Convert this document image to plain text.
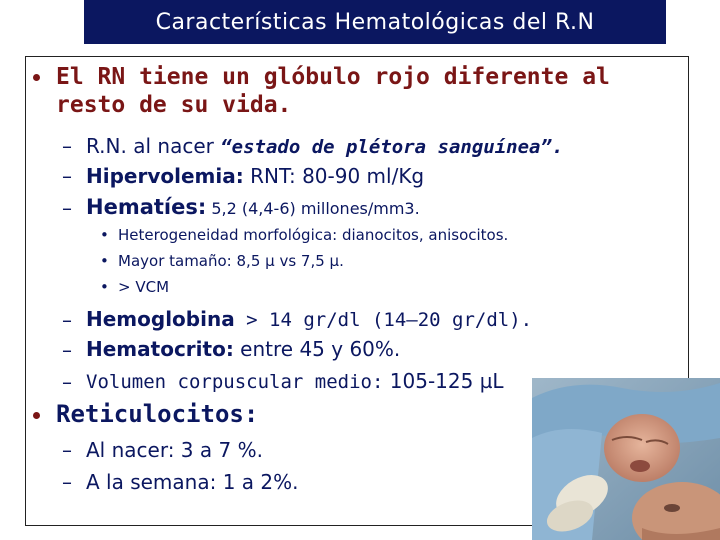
Características Hematológicas del R.N
El RN tiene un glóbulo rojo diferente al
resto de su vida.
– R.N. al nacer “estado de plétora sanguínea”.
– Hipervolemia: RNT: 80-90 ml/Kg
– Hematíes: 5,2 (4,4-6) millones/mm3.
• Heterogeneidad morfológica: dianocitos, anisocitos.
• Mayor tamaño: 8,5 µ vs 7,5 µ.
• > VCM
– Hemoglobina > 14 gr/dl (14–20 gr/dl).
– Hematocrito: entre 45 y 60%.
– Volumen corpuscular medio: 105-125 µL
Reticulocitos:
– Al nacer: 3 a 7 %.
– A la semana: 1 a 2%.
